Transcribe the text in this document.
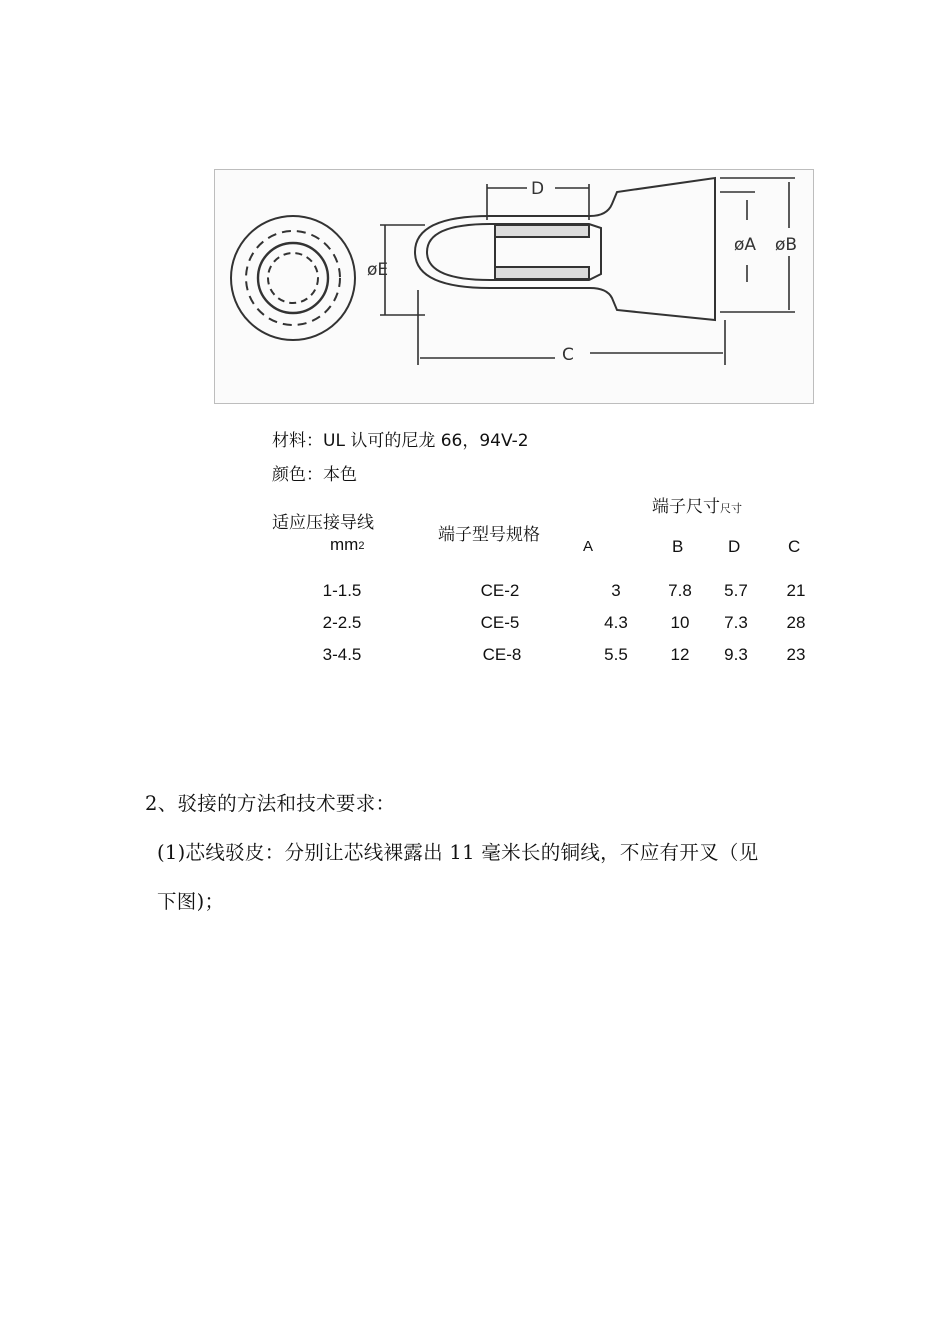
øE
D
øA øB
C
材料：UL 认可的尼龙 66，94V-2
颜色：本色
适应压接导线
mm2
端子型号规格
端子尺寸尺寸
A	B	D	C
1-1.5	CE-2	3	7.8	5.7	21
2-2.5	CE-5	4.3	10	7.3	28
3-4.5	CE-8	5.5	12	9.3	23
2、驳接的方法和技术要求：
(1)芯线驳皮：分别让芯线裸露出 11 毫米长的铜线，不应有开叉（见
下图)；
